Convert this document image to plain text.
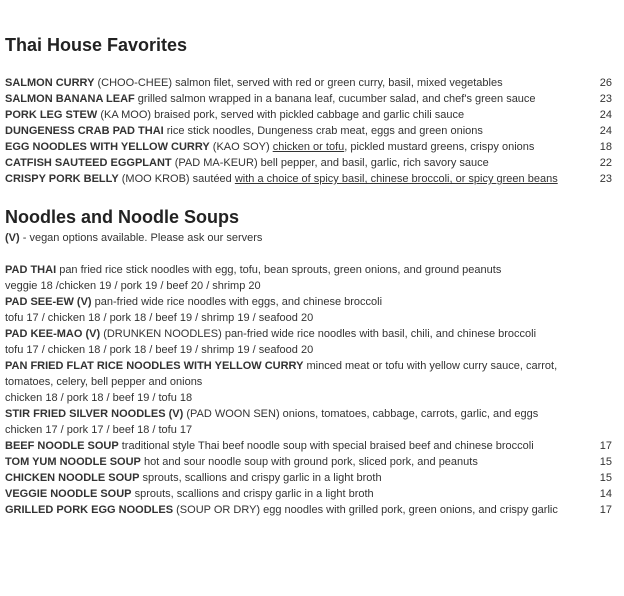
Thai House Favorites
SALMON CURRY (CHOO-CHEE) salmon filet, served with red or green curry, basil, mixed vegetables	26
SALMON BANANA LEAF grilled salmon wrapped in a banana leaf, cucumber salad, and chef's green sauce	23
PORK LEG STEW (KA MOO) braised pork, served with pickled cabbage and garlic chili sauce	24
DUNGENESS CRAB PAD THAI rice stick noodles, Dungeness crab meat, eggs and green onions	24
EGG NOODLES WITH YELLOW CURRY (KAO SOY) chicken or tofu, pickled mustard greens, crispy onions	18
CATFISH SAUTEED EGGPLANT (PAD MA-KEUR) bell pepper, and basil, garlic, rich savory sauce	22
CRISPY PORK BELLY (MOO KROB) sautéed with a choice of spicy basil, chinese broccoli, or spicy green beans	23
Noodles and Noodle Soups
(V) - vegan options available. Please ask our servers
PAD THAI pan fried rice stick noodles with egg, tofu, bean sprouts, green onions, and ground peanuts
veggie 18 /chicken 19 / pork 19 / beef 20 / shrimp 20
PAD SEE-EW (V) pan-fried wide rice noodles with eggs, and chinese broccoli
tofu 17 / chicken 18 / pork 18 / beef 19 / shrimp 19 / seafood 20
PAD KEE-MAO (V) (DRUNKEN NOODLES) pan-fried wide rice noodles with basil, chili, and chinese broccoli
tofu 17 / chicken 18 / pork 18 / beef 19 / shrimp 19 / seafood 20
PAN FRIED FLAT RICE NOODLES WITH YELLOW CURRY minced meat or tofu with yellow curry sauce, carrot, tomatoes, celery, bell pepper and onions
chicken 18 / pork 18 / beef 19 / tofu 18
STIR FRIED SILVER NOODLES (V) (PAD WOON SEN) onions, tomatoes, cabbage, carrots, garlic, and eggs
chicken 17 / pork 17 / beef 18 / tofu 17
BEEF NOODLE SOUP traditional style Thai beef noodle soup with special braised beef and chinese broccoli	17
TOM YUM NOODLE SOUP hot and sour noodle soup with ground pork, sliced pork, and peanuts	15
CHICKEN NOODLE SOUP sprouts, scallions and crispy garlic in a light broth	15
VEGGIE NOODLE SOUP sprouts, scallions and crispy garlic in a light broth	14
GRILLED PORK EGG NOODLES (SOUP OR DRY) egg noodles with grilled pork, green onions, and crispy garlic	17
